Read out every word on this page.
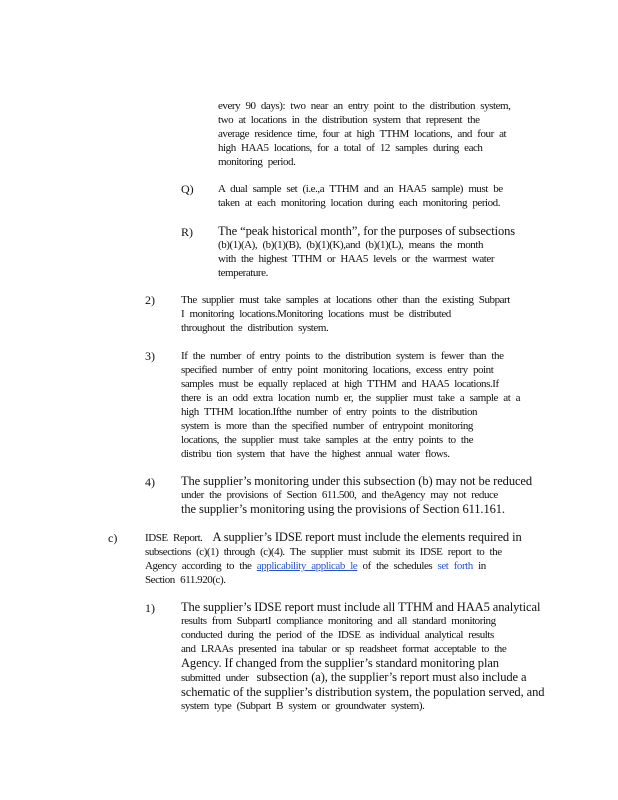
every 90 days): two near an entry point to the distribution system,
two at locations in the distribution system that represent the
average residence time, four at high TTHM locations, and four at
high HAA5 locations, for a total of 12 samples during each
monitoring period.
Q) A dual sample set (i.e.,a TTHM and an HAA5 sample) must be
taken at each monitoring location during each monitoring period.
R) The “peak historical month”, for the purposes of subsections
(b)(1)(A), (b)(1)(B), (b)(1)(K),and (b)(1)(L), means the month
with the highest TTHM or HAA5 levels or the warmest water
temperature.
2) The supplier must take samples at locations other than the existing Subpart
I monitoring locations.Monitoring locations must be distributed
throughout the distribution system.
3) If the number of entry points to the distribution system is fewer than the
specified number of entry point monitoring locations, excess entry point
samples must be equally replaced at high TTHM and HAA5 locations.If
there is an odd extra location numb er, the supplier must take a sample at a
high TTHM location.Ifthe number of entry points to the distribution
system is more than the specified number of entrypoint monitoring
locations, the supplier must take samples at the entry points to the
distribu tion system that have the highest annual water flows.
4) The supplier’s monitoring under this subsection (b) may not be reduced
under the provisions of Section 611.500, and theAgency may not reduce
the supplier’s monitoring using the provisions of Section 611.161.
c)	IDSE Report. A supplier’s IDSE report must include the elements required in
subsections (c)(1) through (c)(4). The supplier must submit its IDSE report to the
Agency according to the applicability applicab le of the schedules set forth in
Section 611.920(c).
1) The supplier’s IDSE report must include all TTHM and HAA5 analytical
results from SubpartI compliance monitoring and all standard monitoring
conducted during the period of the IDSE as individual analytical results
and LRAAs presented ina tabular or sp readsheet format acceptable to the
Agency. If changed from the supplier’s standard monitoring plan
submitted under subsection (a), the supplier’s report must also include a
schematic of the supplier’s distribution system, the population served, and
system type (Subpart B system or groundwater system).
